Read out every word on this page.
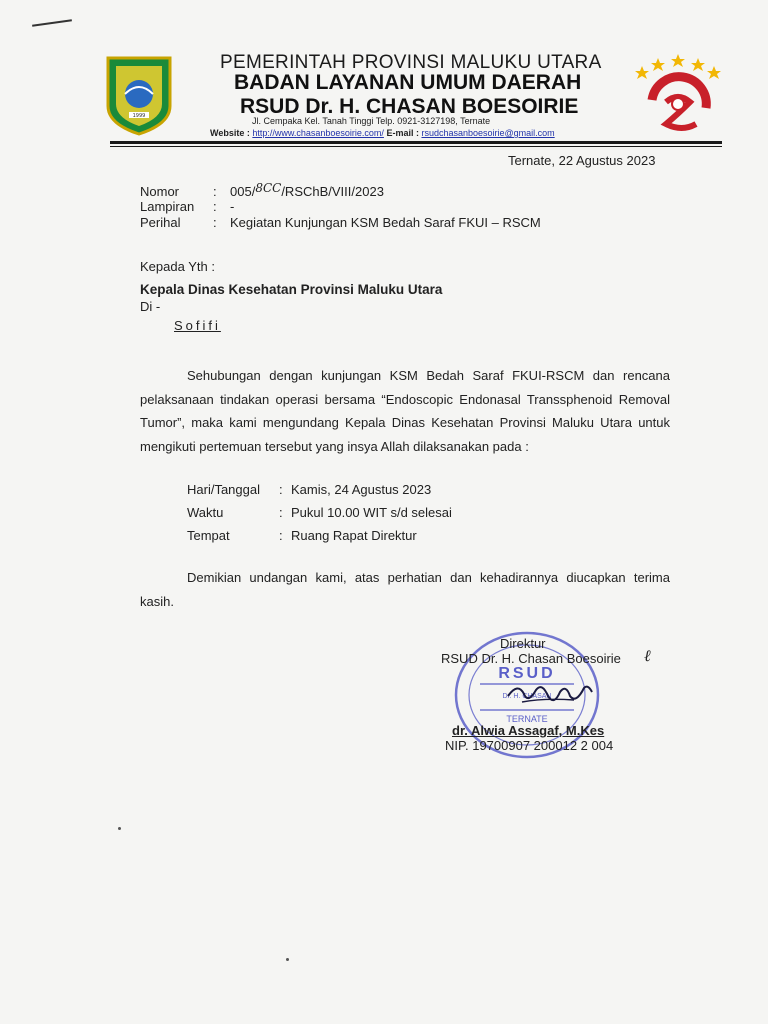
1999
PEMERINTAH PROVINSI MALUKU UTARA
BADAN LAYANAN UMUM DAERAH
RSUD Dr. H. CHASAN BOESOIRIE
Jl. Cempaka Kel. Tanah Tinggi Telp. 0921-3127198, Ternate
Website : http://www.chasanboesoirie.com/ E-mail : rsudchasanboesoirie@gmail.com
Ternate, 22 Agustus 2023
Nomor	: 005/8CC/RSChB/VIII/2023
Lampiran : -
Perihal	: Kegiatan Kunjungan KSM Bedah Saraf FKUI – RSCM
Kepada Yth :
Kepala Dinas Kesehatan Provinsi Maluku Utara
Di -
Sofifi
Sehubungan dengan kunjungan KSM Bedah Saraf FKUI-RSCM dan rencana pelaksanaan tindakan operasi bersama “Endoscopic Endonasal Transsphenoid Removal Tumor”, maka kami mengundang Kepala Dinas Kesehatan Provinsi Maluku Utara untuk mengikuti pertemuan tersebut yang insya Allah dilaksanakan pada :
Hari/Tanggal : Kamis, 24 Agustus 2023
Waktu	: Pukul 10.00 WIT s/d selesai
Tempat	: Ruang Rapat Direktur
Demikian undangan kami, atas perhatian dan kehadirannya diucapkan terima kasih.
RSUD
Dr. H. CHASAN
TERNATE
Direktur
RSUD Dr. H. Chasan Boesoirie ℓ
dr. Alwia Assagaf, M.Kes
NIP. 19700907 200012 2 004
